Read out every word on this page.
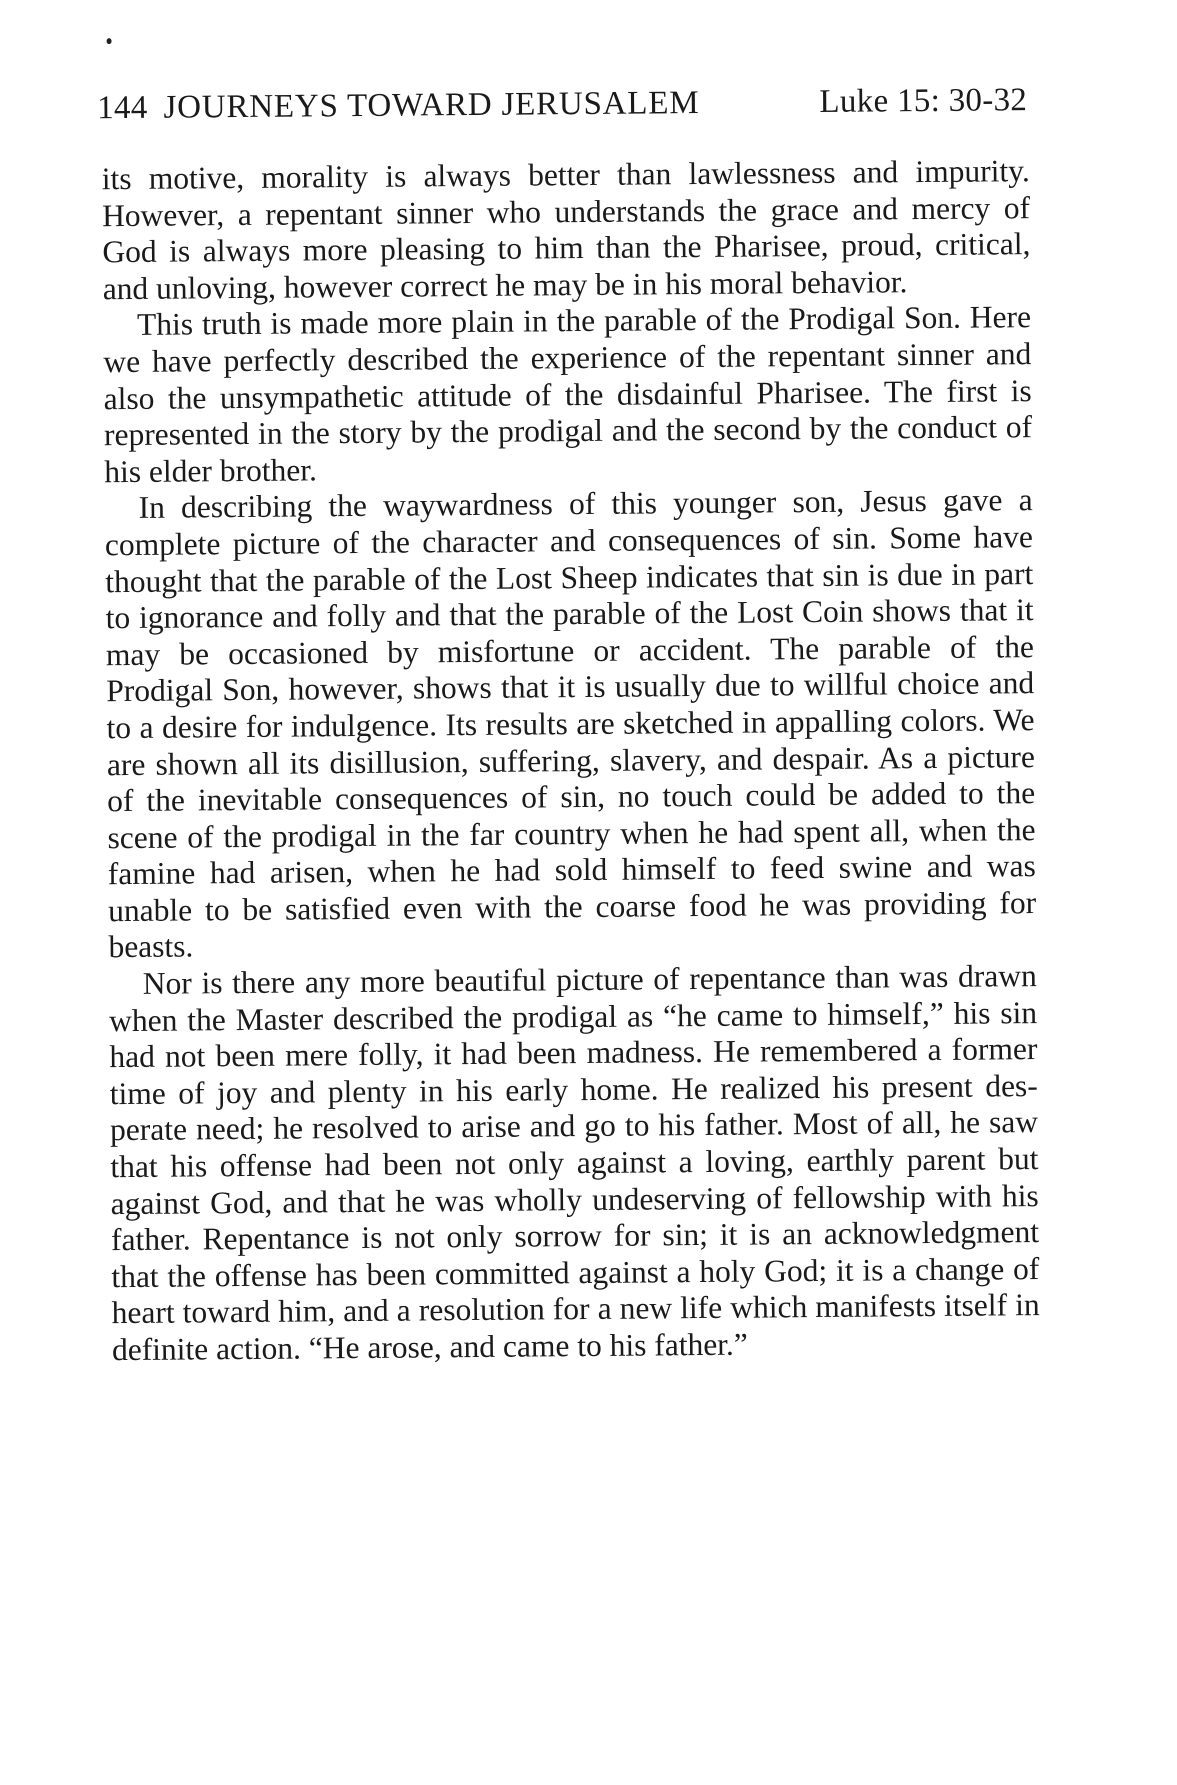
144 JOURNEYS TOWARD JERUSALEM	Luke 15: 30-32

its motive, morality is always better than lawlessness and impurity. However, a repentant sinner who understands the grace and mercy of God is always more pleasing to him than the Pharisee, proud, critical, and unloving, however correct he may be in his moral behavior.

This truth is made more plain in the parable of the Prodigal Son. Here we have perfectly described the experience of the repentant sinner and also the unsympathetic attitude of the disdainful Pharisee. The first is represented in the story by the prodigal and the second by the conduct of his elder brother.

In describing the waywardness of this younger son, Jesus gave a complete picture of the character and consequences of sin. Some have thought that the parable of the Lost Sheep indicates that sin is due in part to ignorance and folly and that the parable of the Lost Coin shows that it may be occasioned by misfortune or accident. The parable of the Prodigal Son, however, shows that it is usually due to willful choice and to a desire for indulgence. Its results are sketched in appalling colors. We are shown all its disillusion, suffering, slavery, and despair. As a picture of the inevitable consequences of sin, no touch could be added to the scene of the prodigal in the far country when he had spent all, when the famine had arisen, when he had sold himself to feed swine and was unable to be satisfied even with the coarse food he was providing for beasts.

Nor is there any more beautiful picture of repentance than was drawn when the Master described the prodigal as “he came to himself,” his sin had not been mere folly, it had been madness. He remembered a former time of joy and plenty in his early home. He realized his present desperate need; he resolved to arise and go to his father. Most of all, he saw that his offense had been not only against a loving, earthly parent but against God, and that he was wholly undeserving of fellowship with his father. Repentance is not only sorrow for sin; it is an acknowledgment that the offense has been committed against a holy God; it is a change of heart toward him, and a resolution for a new life which manifests itself in definite action. “He arose, and came to his father.”
